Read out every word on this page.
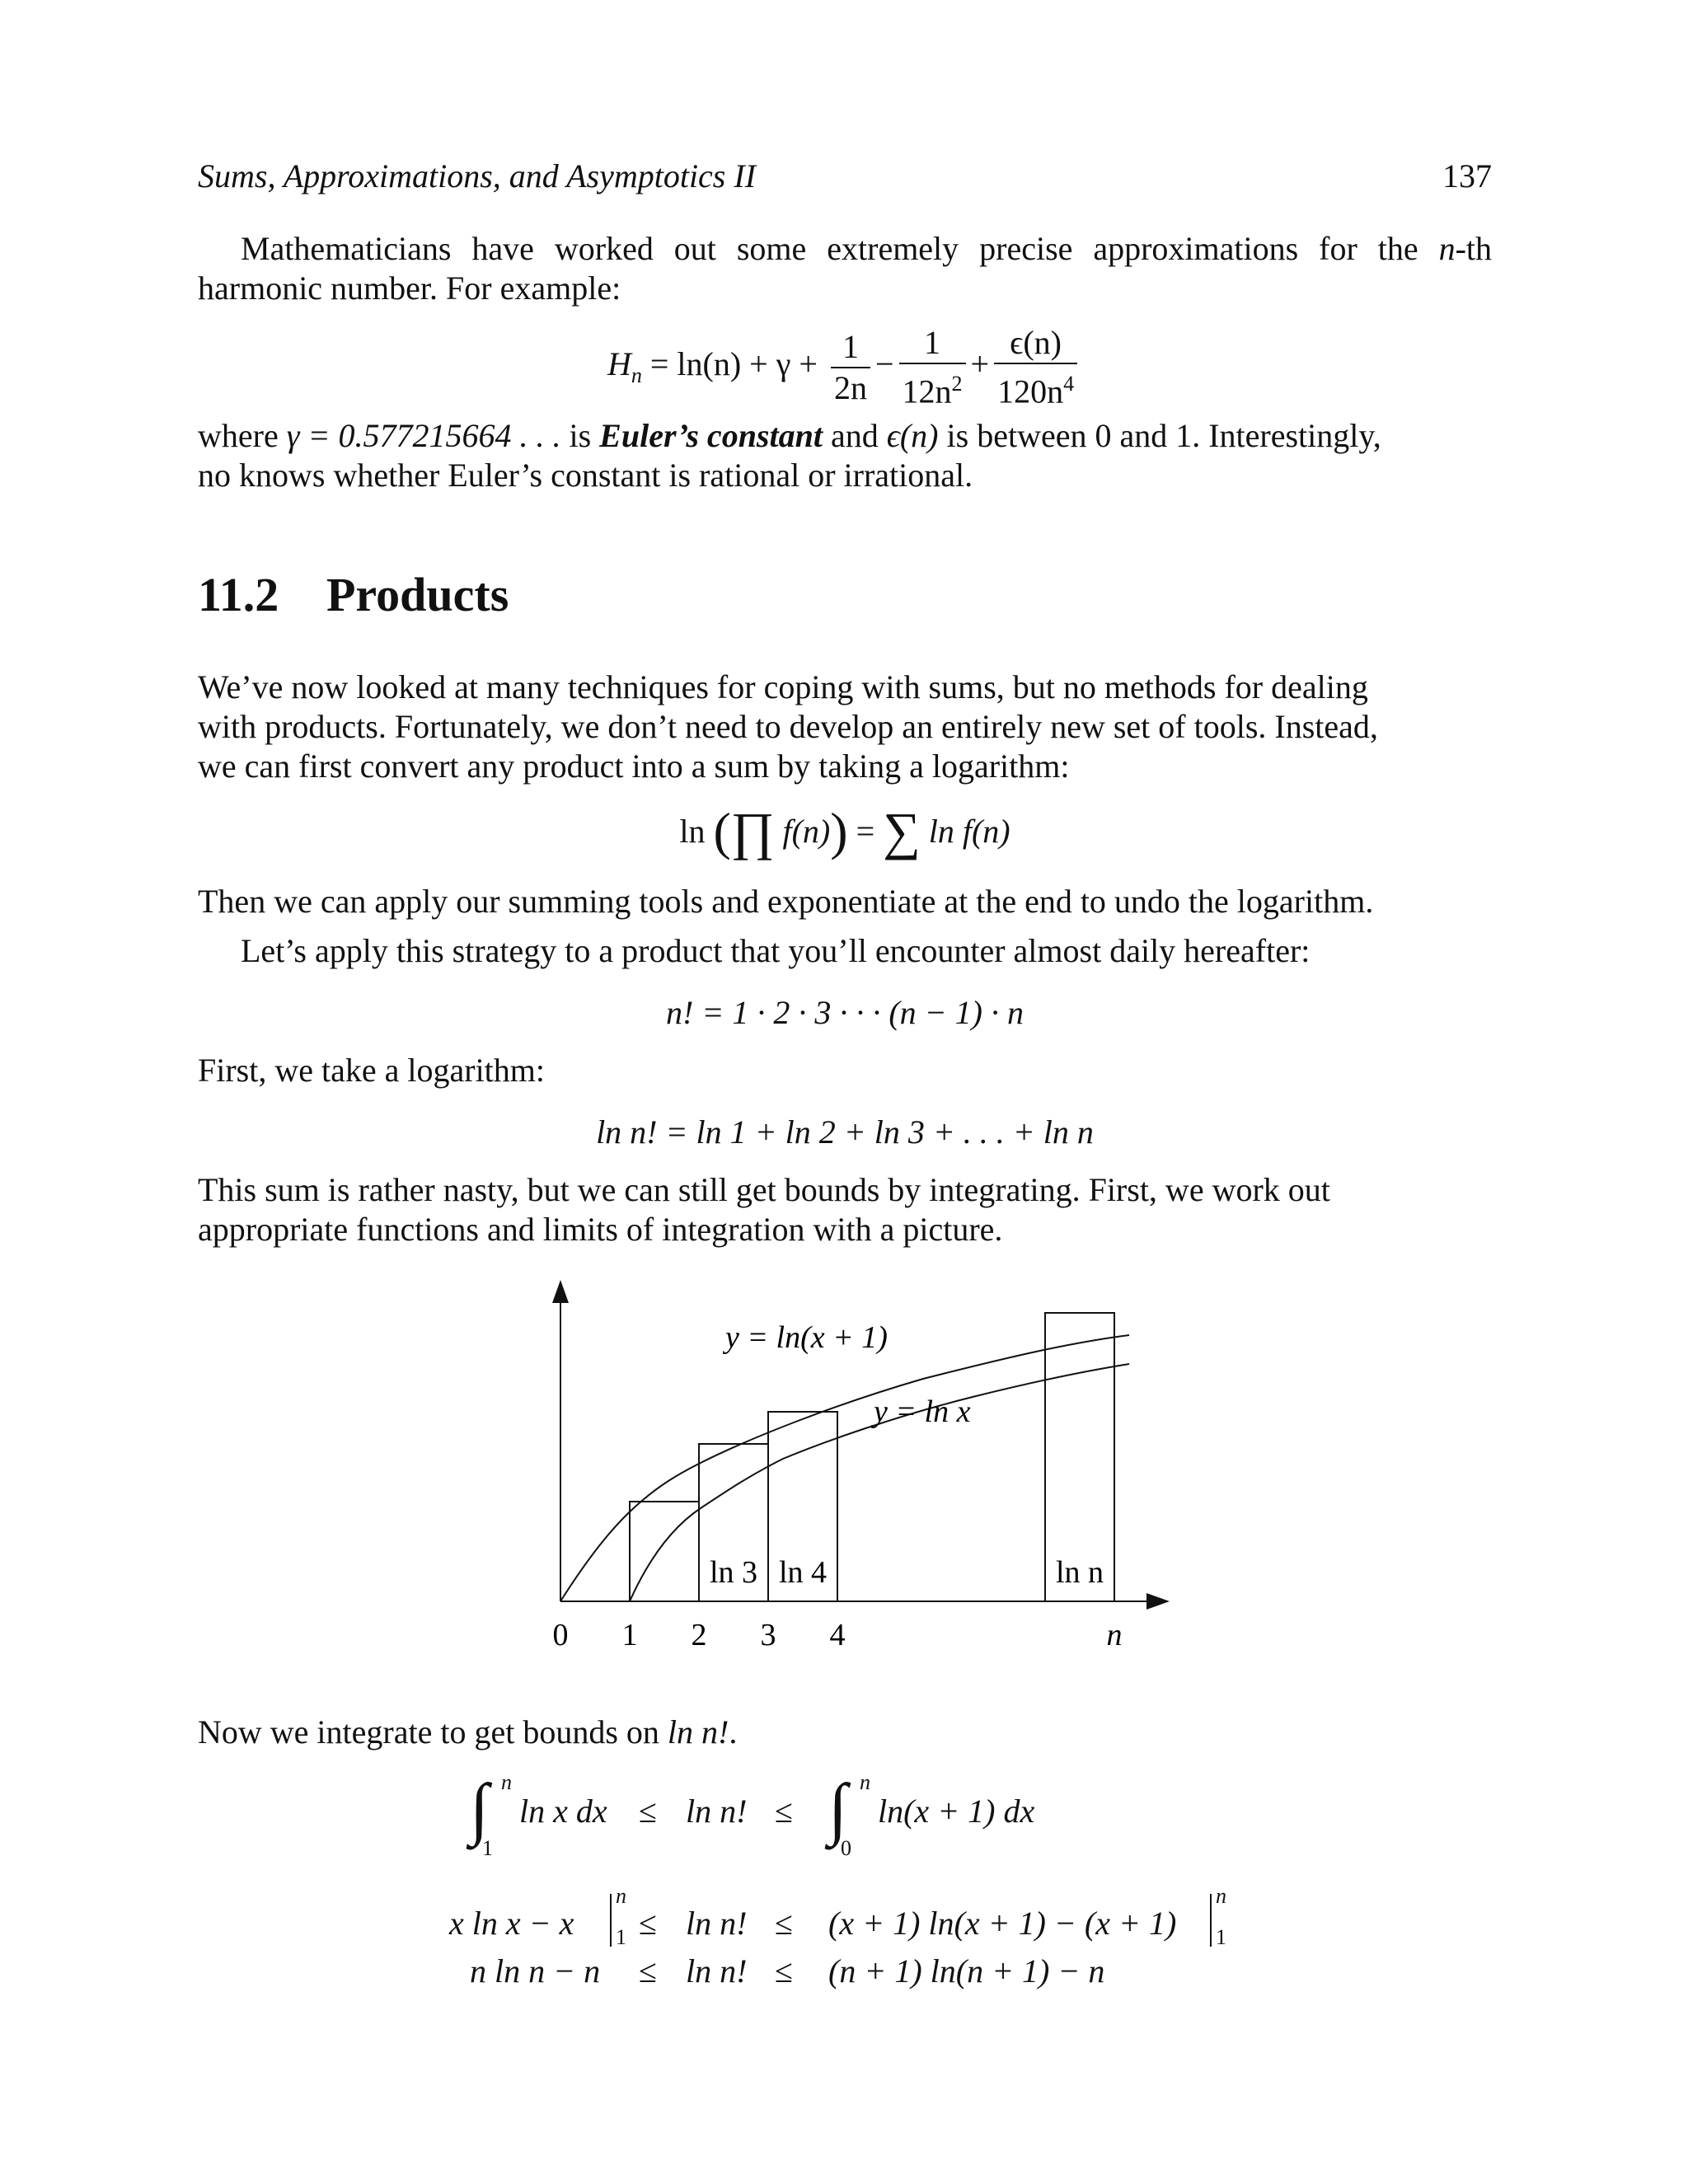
Sums, Approximations, and Asymptotics II	137
Mathematicians have worked out some extremely precise approximations for the n-th harmonic number. For example:
$H_n = \ln(n) + \gamma + \frac{1}{2n} - \frac{1}{12n^2} + \frac{\epsilon(n)}{120n^4}$
where γ = 0.577215664 . . . is Euler’s constant and ϵ(n) is between 0 and 1. Interestingly,
no knows whether Euler’s constant is rational or irrational.
11.2 Products
We’ve now looked at many techniques for coping with sums, but no methods for dealing
with products. Fortunately, we don’t need to develop an entirely new set of tools. Instead,
we can first convert any product into a sum by taking a logarithm:
ln (∏ f(n)) = ∑ ln f(n)
Then we can apply our summing tools and exponentiate at the end to undo the logarithm.
Let’s apply this strategy to a product that you’ll encounter almost daily hereafter:
n! = 1 · 2 · 3 · · · (n − 1) · n
First, we take a logarithm:
ln n! = ln 1 + ln 2 + ln 3 + . . . + ln n
This sum is rather nasty, but we can still get bounds by integrating. First, we work out
appropriate functions and limits of integration with a picture.
y = ln(x + 1)
y = ln x
ln 3 ln 4	ln n
0 1 2 3 4	n
Now we integrate to get bounds on ln n!.
∫ n
1
ln x dx ≤ ln n! ≤ ∫ n
0
ln(x + 1) dx
x ln x − x
n
1 ≤ ln n! ≤ (x + 1) ln(x + 1) − (x + 1)
n
1
n ln n − n ≤ ln n! ≤ (n + 1) ln(n + 1) − n
